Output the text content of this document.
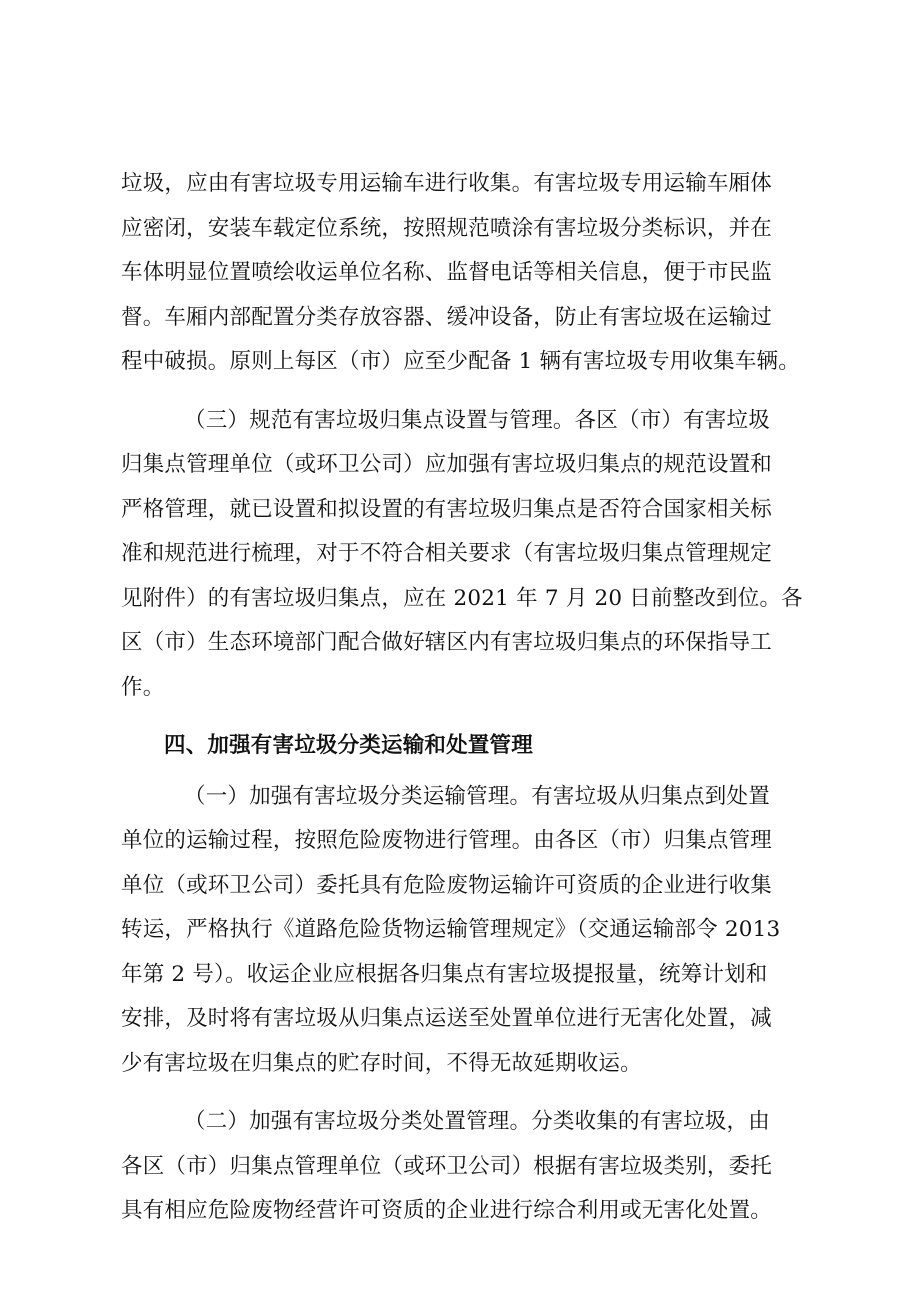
垃圾，应由有害垃圾专用运输车进行收集。有害垃圾专用运输车厢体
应密闭，安装车载定位系统，按照规范喷涂有害垃圾分类标识，并在
车体明显位置喷绘收运单位名称、监督电话等相关信息，便于市民监
督。车厢内部配置分类存放容器、缓冲设备，防止有害垃圾在运输过
程中破损。原则上每区（市）应至少配备 1 辆有害垃圾专用收集车辆。
（三）规范有害垃圾归集点设置与管理。各区（市）有害垃圾
归集点管理单位（或环卫公司）应加强有害垃圾归集点的规范设置和
严格管理，就已设置和拟设置的有害垃圾归集点是否符合国家相关标
准和规范进行梳理，对于不符合相关要求（有害垃圾归集点管理规定
见附件）的有害垃圾归集点，应在 2021 年 7 月 20 日前整改到位。各
区（市）生态环境部门配合做好辖区内有害垃圾归集点的环保指导工
作。
四、加强有害垃圾分类运输和处置管理
（一）加强有害垃圾分类运输管理。有害垃圾从归集点到处置
单位的运输过程，按照危险废物进行管理。由各区（市）归集点管理
单位（或环卫公司）委托具有危险废物运输许可资质的企业进行收集
转运，严格执行《道路危险货物运输管理规定》（交通运输部令 2013
年第 2 号）。收运企业应根据各归集点有害垃圾提报量，统筹计划和
安排，及时将有害垃圾从归集点运送至处置单位进行无害化处置，减
少有害垃圾在归集点的贮存时间，不得无故延期收运。
（二）加强有害垃圾分类处置管理。分类收集的有害垃圾，由
各区（市）归集点管理单位（或环卫公司）根据有害垃圾类别，委托
具有相应危险废物经营许可资质的企业进行综合利用或无害化处置。
